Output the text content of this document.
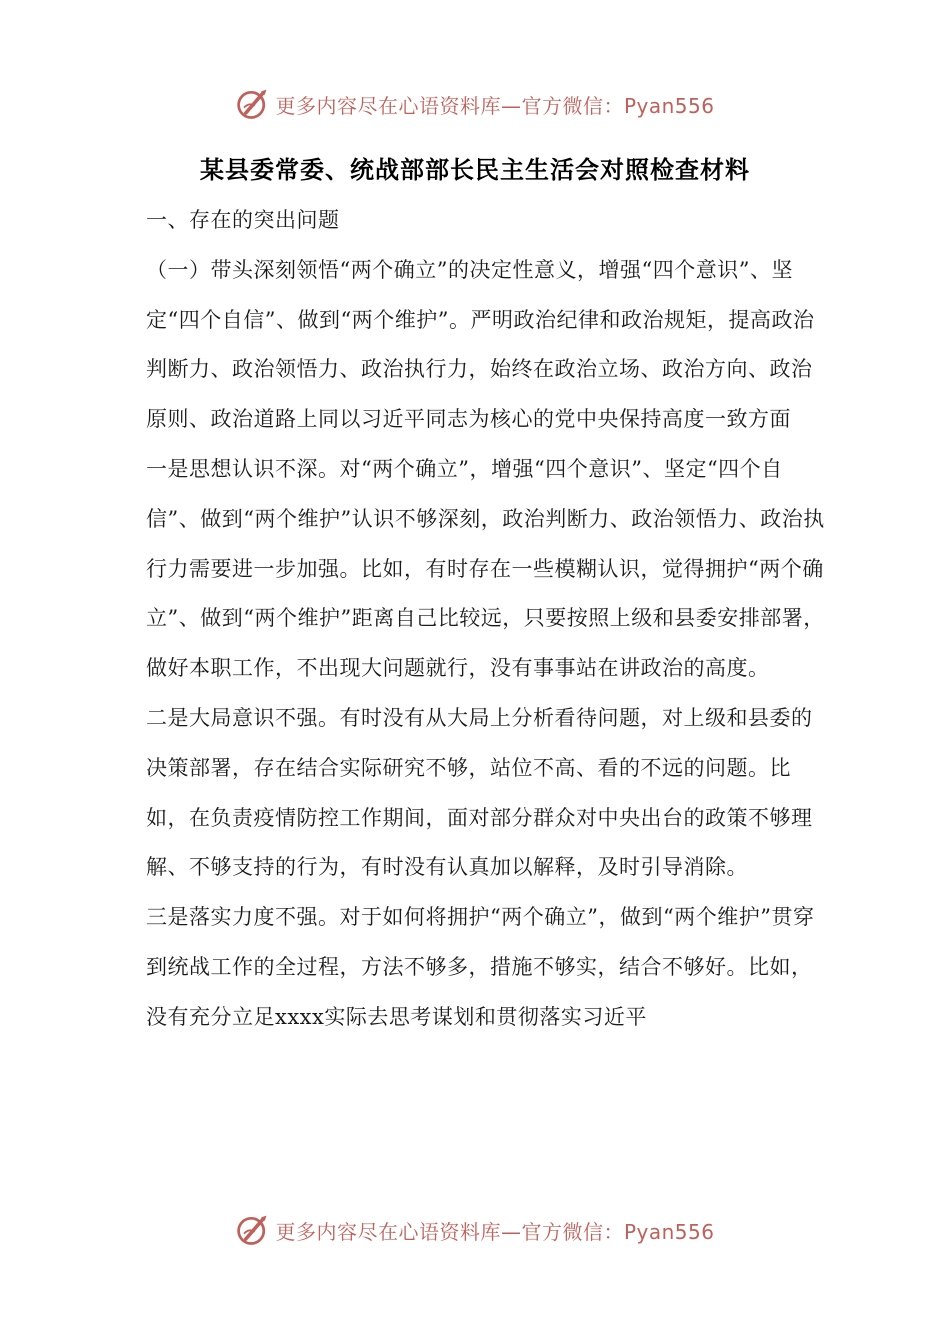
更多内容尽在心语资料库—官方微信：Pyan556
某县委常委、统战部部长民主生活会对照检查材料

一、存在的突出问题

（一）带头深刻领悟“两个确立”的决定性意义，增强“四个意识”、坚定“四个自信”、做到“两个维护”。严明政治纪律和政治规矩，提高政治判断力、政治领悟力、政治执行力，始终在政治立场、政治方向、政治原则、政治道路上同以习近平同志为核心的党中央保持高度一致方面

一是思想认识不深。对“两个确立”，增强“四个意识”、坚定“四个自信”、做到“两个维护”认识不够深刻，政治判断力、政治领悟力、政治执行力需要进一步加强。比如，有时存在一些模糊认识，觉得拥护“两个确立”、做到“两个维护”距离自己比较远，只要按照上级和县委安排部署，做好本职工作，不出现大问题就行，没有事事站在讲政治的高度。

二是大局意识不强。有时没有从大局上分析看待问题，对上级和县委的决策部署，存在结合实际研究不够，站位不高、看的不远的问题。比如，在负责疫情防控工作期间，面对部分群众对中央出台的政策不够理解、不够支持的行为，有时没有认真加以解释，及时引导消除。

三是落实力度不强。对于如何将拥护“两个确立”，做到“两个维护”贯穿到统战工作的全过程，方法不够多，措施不够实，结合不够好。比如，没有充分立足xxxx实际去思考谋划和贯彻落实习近平

更多内容尽在心语资料库—官方微信：Pyan556
